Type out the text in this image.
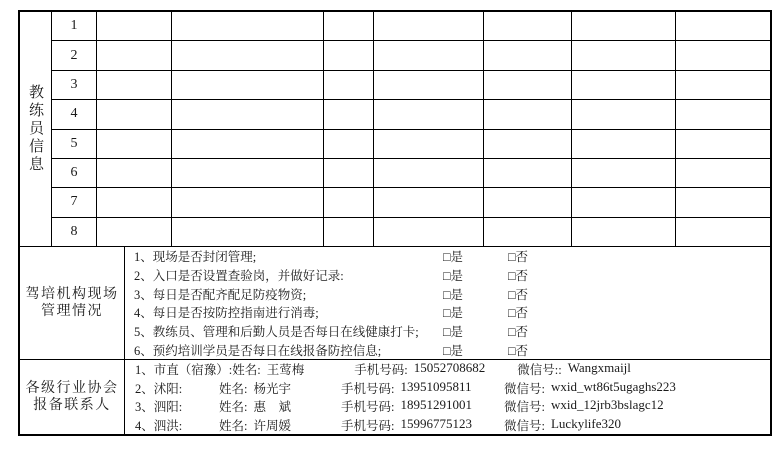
教练员信息
1
2
3
4
5
6
7
8
驾培机构现场
管理情况
1、现场是否封闭管理;	□是	□否
2、入口是否设置查验岗，并做好记录:	□是	□否
3、每日是否配齐配足防疫物资;	□是	□否
4、每日是否按防控指南进行消毒;	□是	□否
5、教练员、管理和后勤人员是否每日在线健康打卡;	□是	□否
6、预约培训学员是否每日在线报备防控信息;	□是	□否
各级行业协会
报备联系人
1、市直（宿豫）: 姓名: 王莺梅	手机号码: 15052708682	微信号:: Wangxmaijl
2、沭阳:	姓名: 杨光宇	手机号码: 13951095811	微信号: wxid_wt86t5ugaghs223
3、泗阳:	姓名: 惠　斌	手机号码: 18951291001	微信号: wxid_12jrb3bslagc12
4、泗洪:	姓名: 许周媛	手机号码: 15996775123	微信号: Luckylife320
